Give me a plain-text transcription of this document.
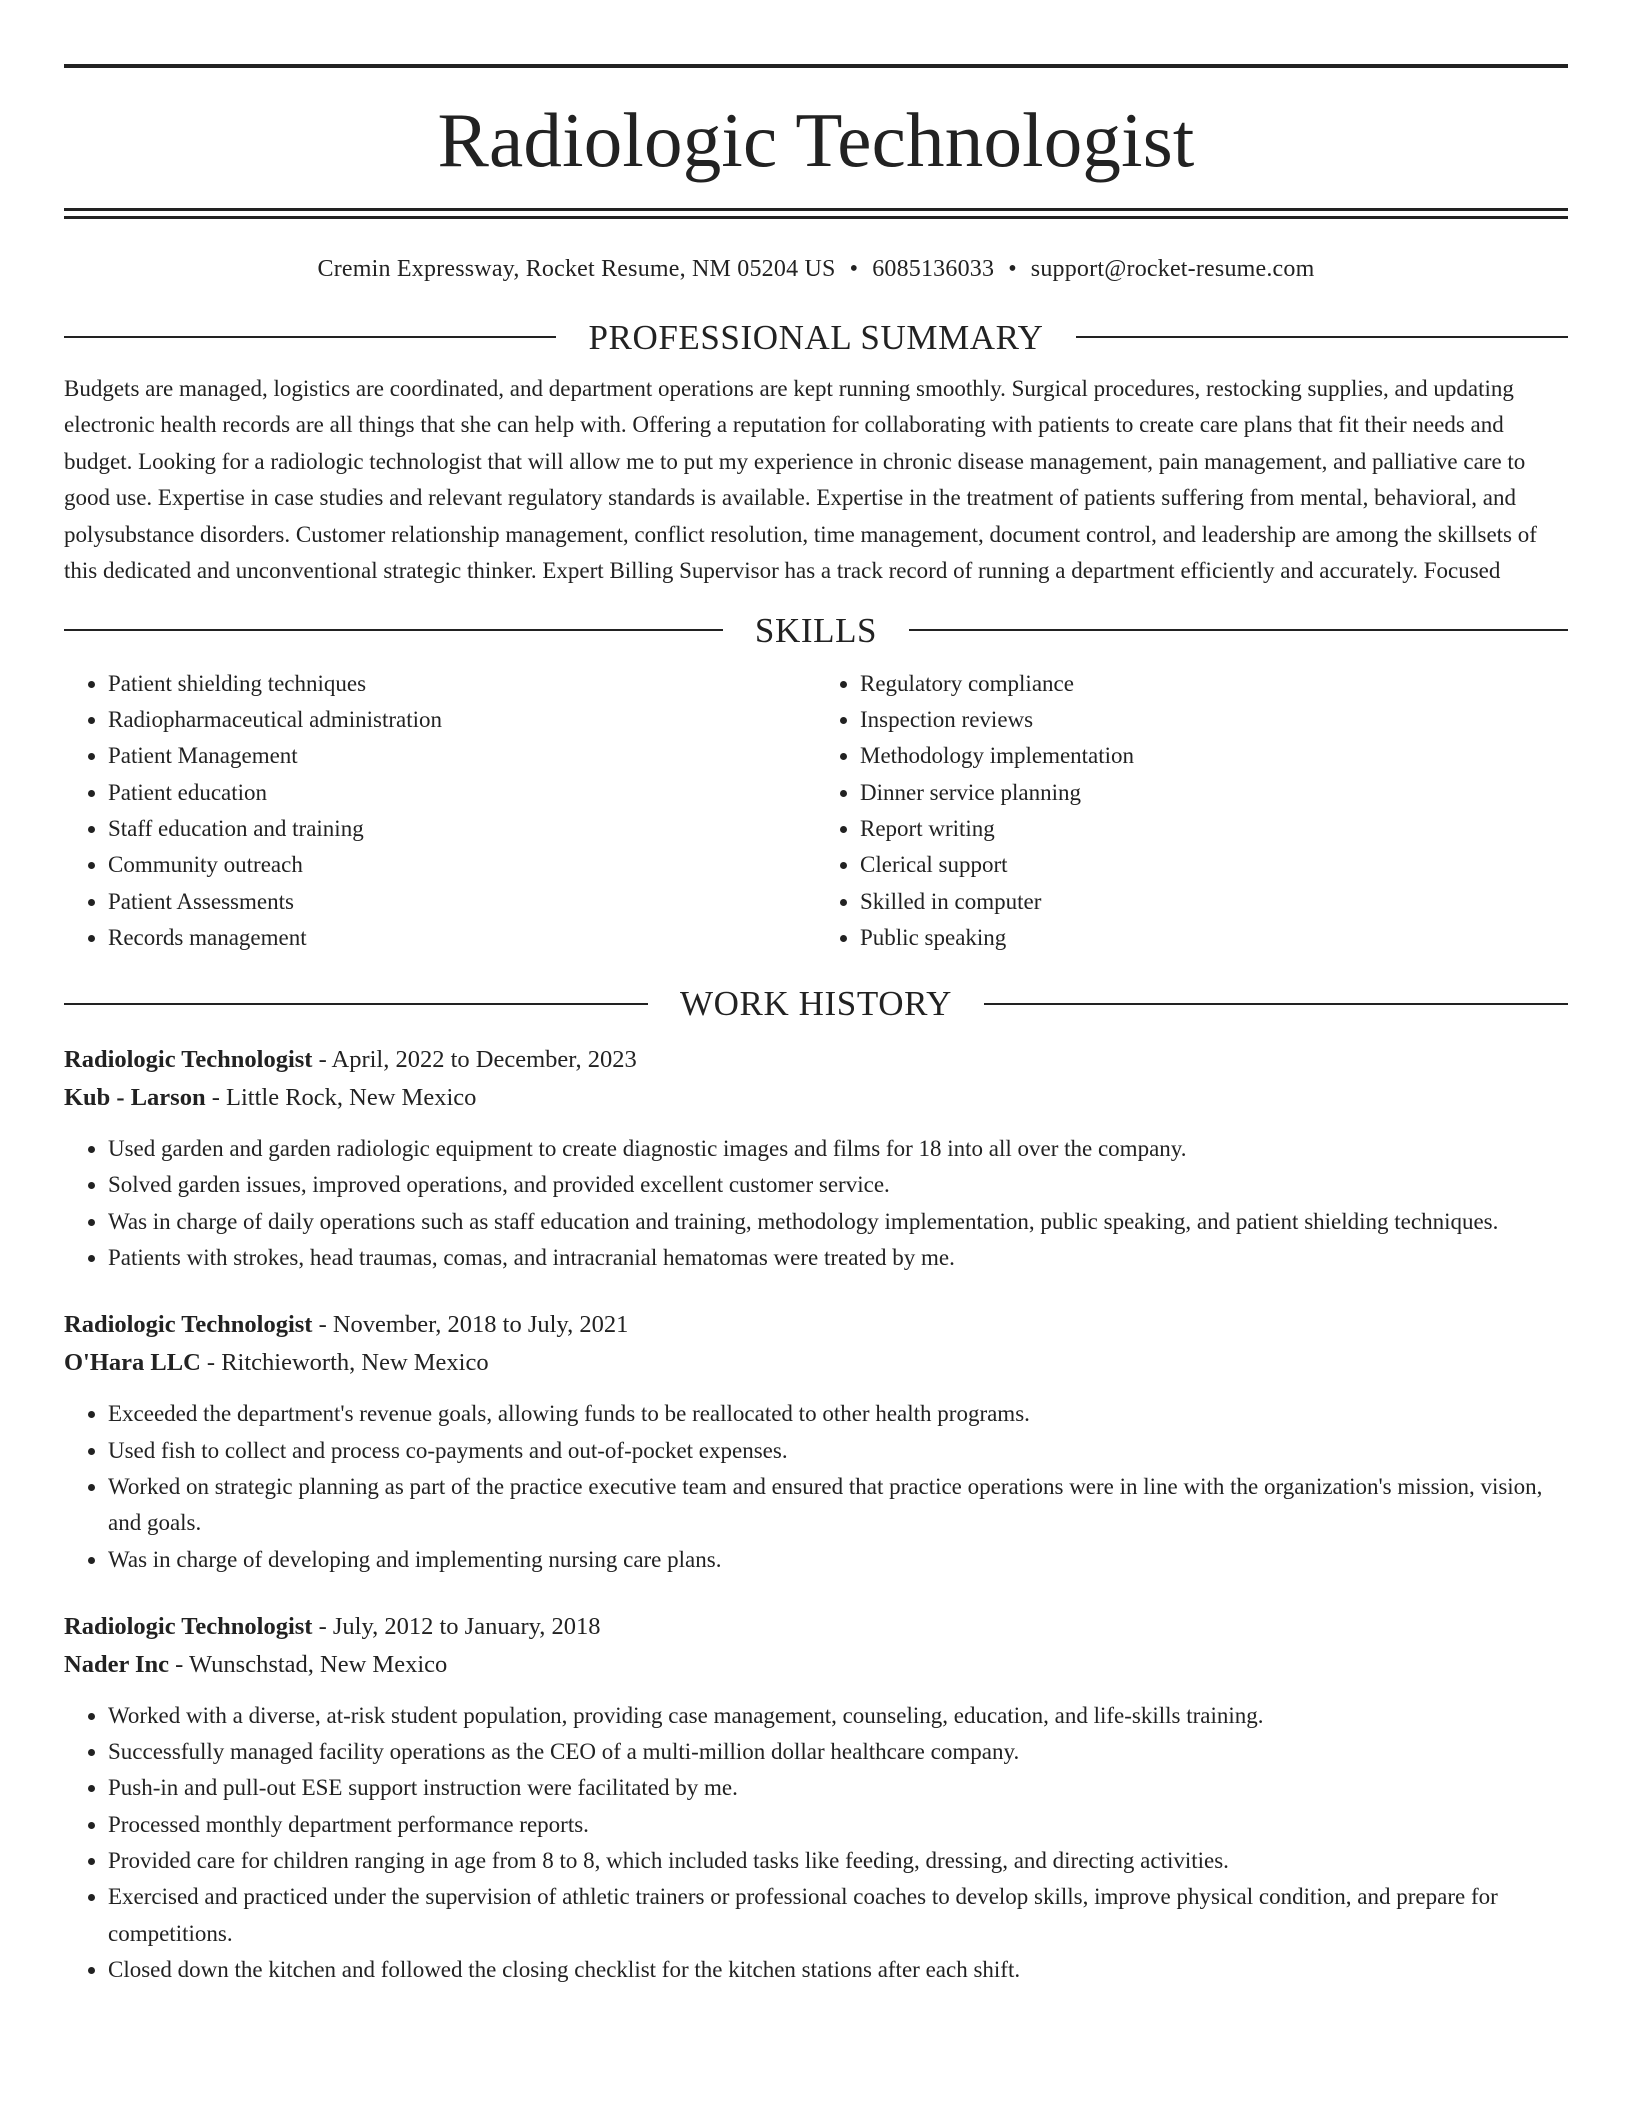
Radiologic Technologist
Cremin Expressway, Rocket Resume, NM 05204 US • 6085136033 • support@rocket-resume.com
PROFESSIONAL SUMMARY

Budgets are managed, logistics are coordinated, and department operations are kept running smoothly. Surgical procedures, restocking supplies, and updating electronic health records are all things that she can help with. Offering a reputation for collaborating with patients to create care plans that fit their needs and budget. Looking for a radiologic technologist that will allow me to put my experience in chronic disease management, pain management, and palliative care to good use. Expertise in case studies and relevant regulatory standards is available. Expertise in the treatment of patients suffering from mental, behavioral, and polysubstance disorders. Customer relationship management, conflict resolution, time management, document control, and leadership are among the skillsets of this dedicated and unconventional strategic thinker. Expert Billing Supervisor has a track record of running a department efficiently and accurately. Focused

SKILLS
• Patient shielding techniques
• Radiopharmaceutical administration
• Patient Management
• Patient education
• Staff education and training
• Community outreach
• Patient Assessments
• Records management
• Regulatory compliance
• Inspection reviews
• Methodology implementation
• Dinner service planning
• Report writing
• Clerical support
• Skilled in computer
• Public speaking
WORK HISTORY
Radiologic Technologist - April, 2022 to December, 2023
Kub - Larson - Little Rock, New Mexico
• Used garden and garden radiologic equipment to create diagnostic images and films for 18 into all over the company.
• Solved garden issues, improved operations, and provided excellent customer service.
• Was in charge of daily operations such as staff education and training, methodology implementation, public speaking, and patient shielding techniques.
• Patients with strokes, head traumas, comas, and intracranial hematomas were treated by me.
Radiologic Technologist - November, 2018 to July, 2021
O'Hara LLC - Ritchieworth, New Mexico
• Exceeded the department's revenue goals, allowing funds to be reallocated to other health programs.
• Used fish to collect and process co-payments and out-of-pocket expenses.
• Worked on strategic planning as part of the practice executive team and ensured that practice operations were in line with the organization's mission, vision, and goals.
• Was in charge of developing and implementing nursing care plans.
Radiologic Technologist - July, 2012 to January, 2018
Nader Inc - Wunschstad, New Mexico
• Worked with a diverse, at-risk student population, providing case management, counseling, education, and life-skills training.
• Successfully managed facility operations as the CEO of a multi-million dollar healthcare company.
• Push-in and pull-out ESE support instruction were facilitated by me.
• Processed monthly department performance reports.
• Provided care for children ranging in age from 8 to 8, which included tasks like feeding, dressing, and directing activities.
• Exercised and practiced under the supervision of athletic trainers or professional coaches to develop skills, improve physical condition, and prepare for competitions.
• Closed down the kitchen and followed the closing checklist for the kitchen stations after each shift.
